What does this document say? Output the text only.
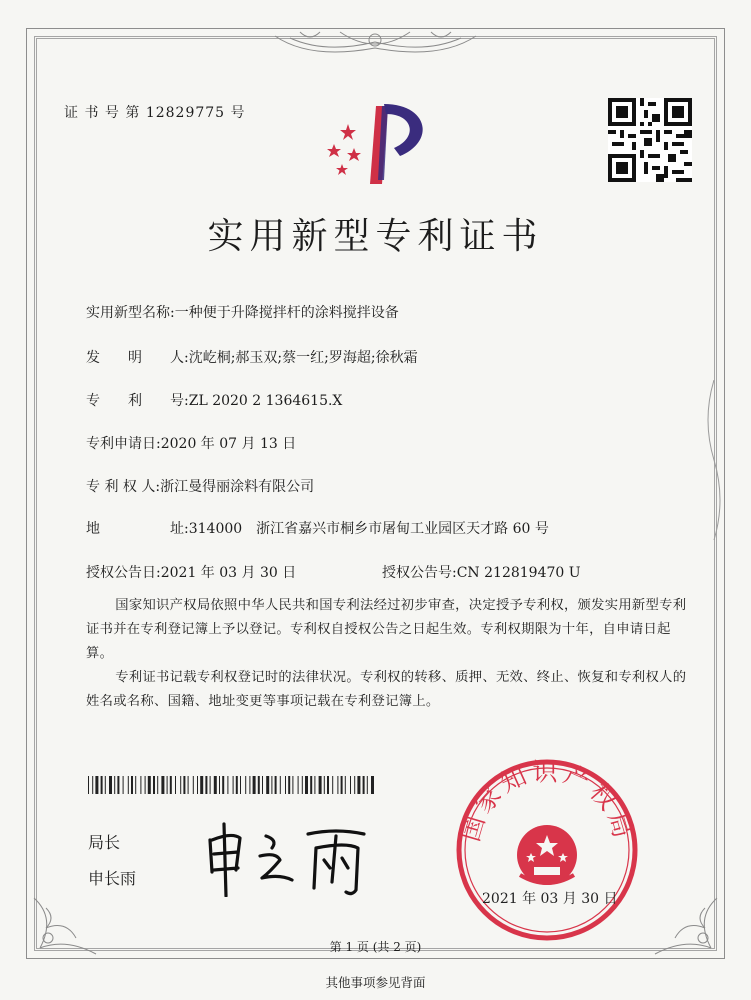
证 书 号 第 12829775 号
实用新型专利证书
实用新型名称:一种便于升降搅拌杆的涂料搅拌设备
发　　明　　人:沈屹桐;郝玉双;蔡一红;罗海超;徐秋霜
专　　利　　号:ZL 2020 2 1364615.X
专利申请日:2020 年 07 月 13 日
专 利 权 人:浙江曼得丽涂料有限公司
地　　　　　址:314000　浙江省嘉兴市桐乡市屠甸工业园区天才路 60 号
授权公告日:2021 年 03 月 30 日	授权公告号:CN 212819470 U

国家知识产权局依照中华人民共和国专利法经过初步审查，决定授予专利权，颁发实用新型专利证书并在专利登记簿上予以登记。专利权自授权公告之日起生效。专利权期限为十年，自申请日起算。

专利证书记载专利权登记时的法律状况。专利权的转移、质押、无效、终止、恢复和专利权人的姓名或名称、国籍、地址变更等事项记载在专利登记簿上。

局长
申长雨
国家知识产权局
2021 年 03 月 30 日
第 1 页 (共 2 页)
其他事项参见背面
